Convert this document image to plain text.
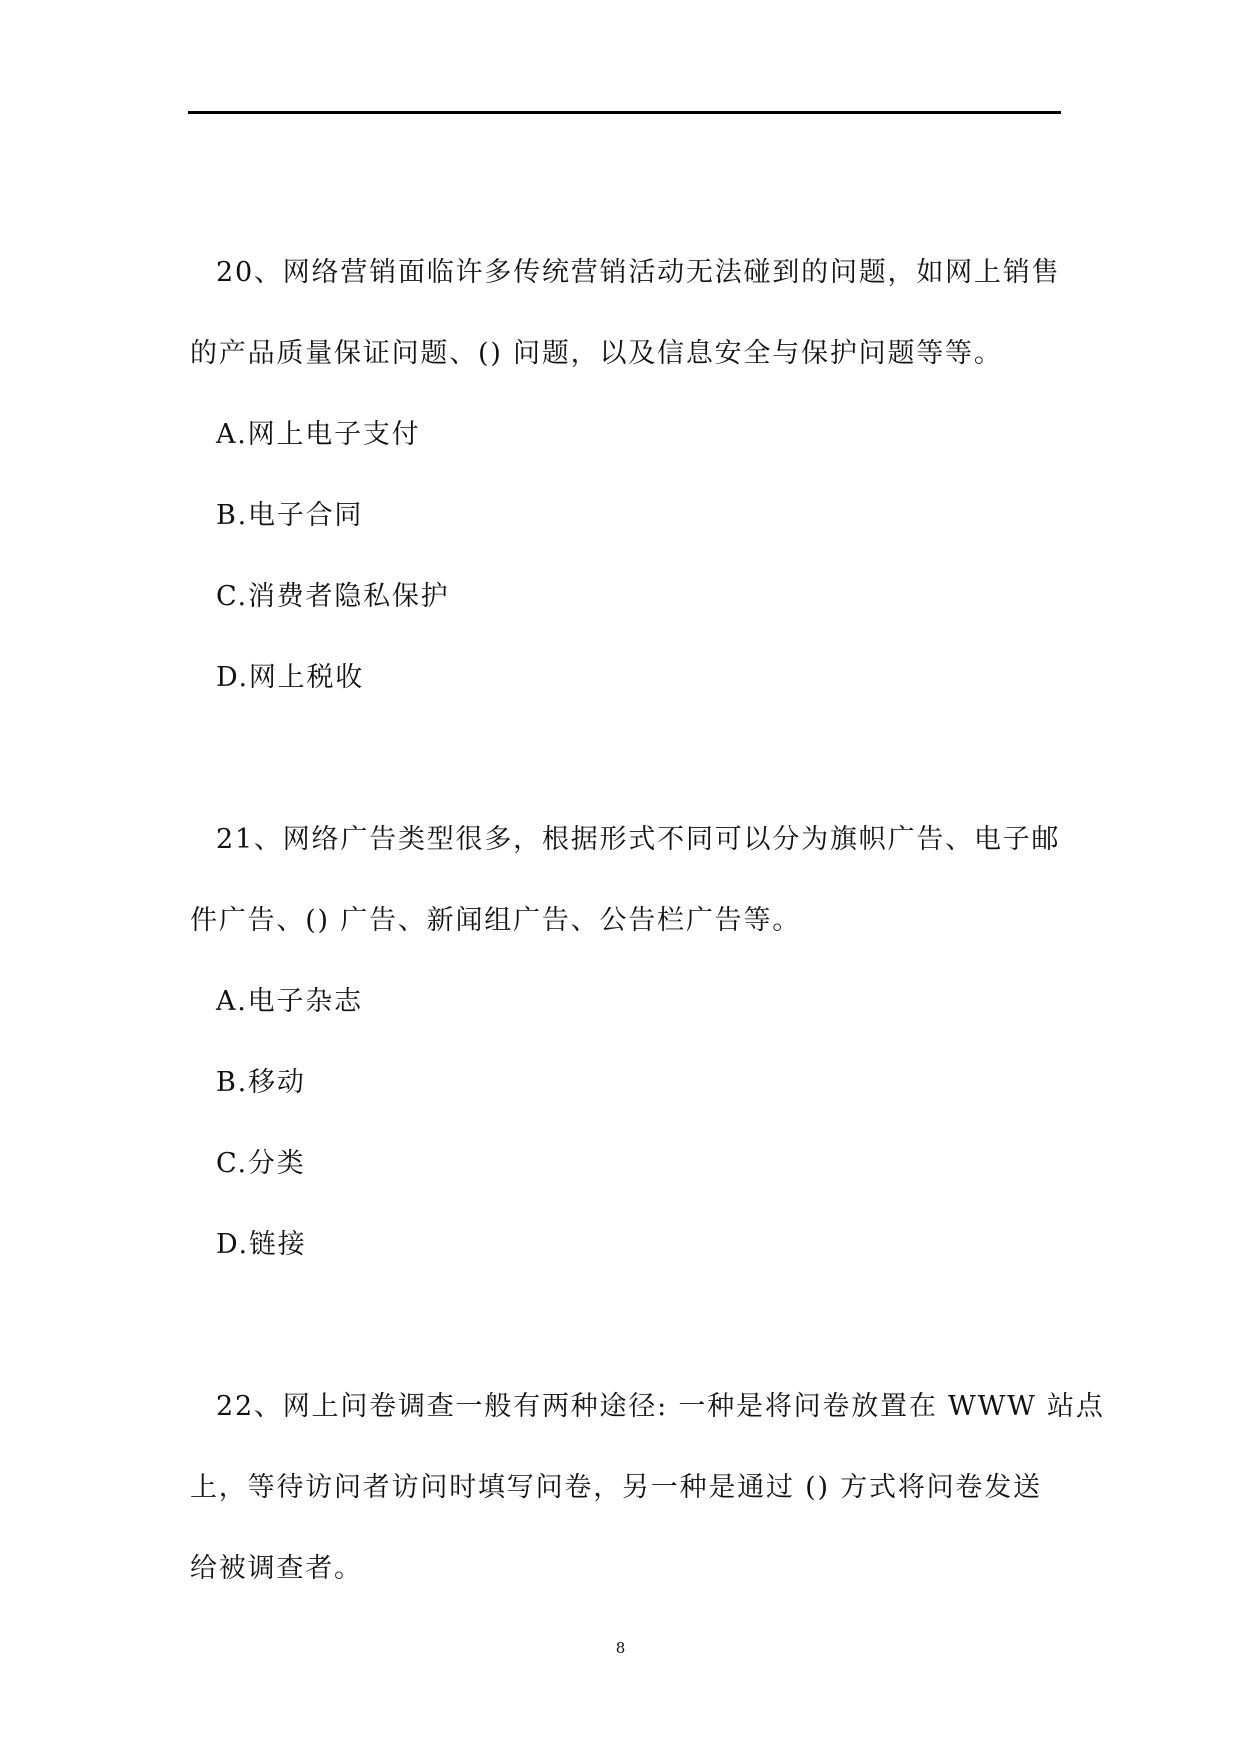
20、网络营销面临许多传统营销活动无法碰到的问题，如网上销售
的产品质量保证问题、() 问题，以及信息安全与保护问题等等。
A.网上电子支付
B.电子合同
C.消费者隐私保护
D.网上税收
21、网络广告类型很多，根据形式不同可以分为旗帜广告、电子邮
件广告、() 广告、新闻组广告、公告栏广告等。
A.电子杂志
B.移动
C.分类
D.链接
22、网上问卷调查一般有两种途径: 一种是将问卷放置在 WWW 站点
上，等待访问者访问时填写问卷，另一种是通过 () 方式将问卷发送
给被调查者。
8
